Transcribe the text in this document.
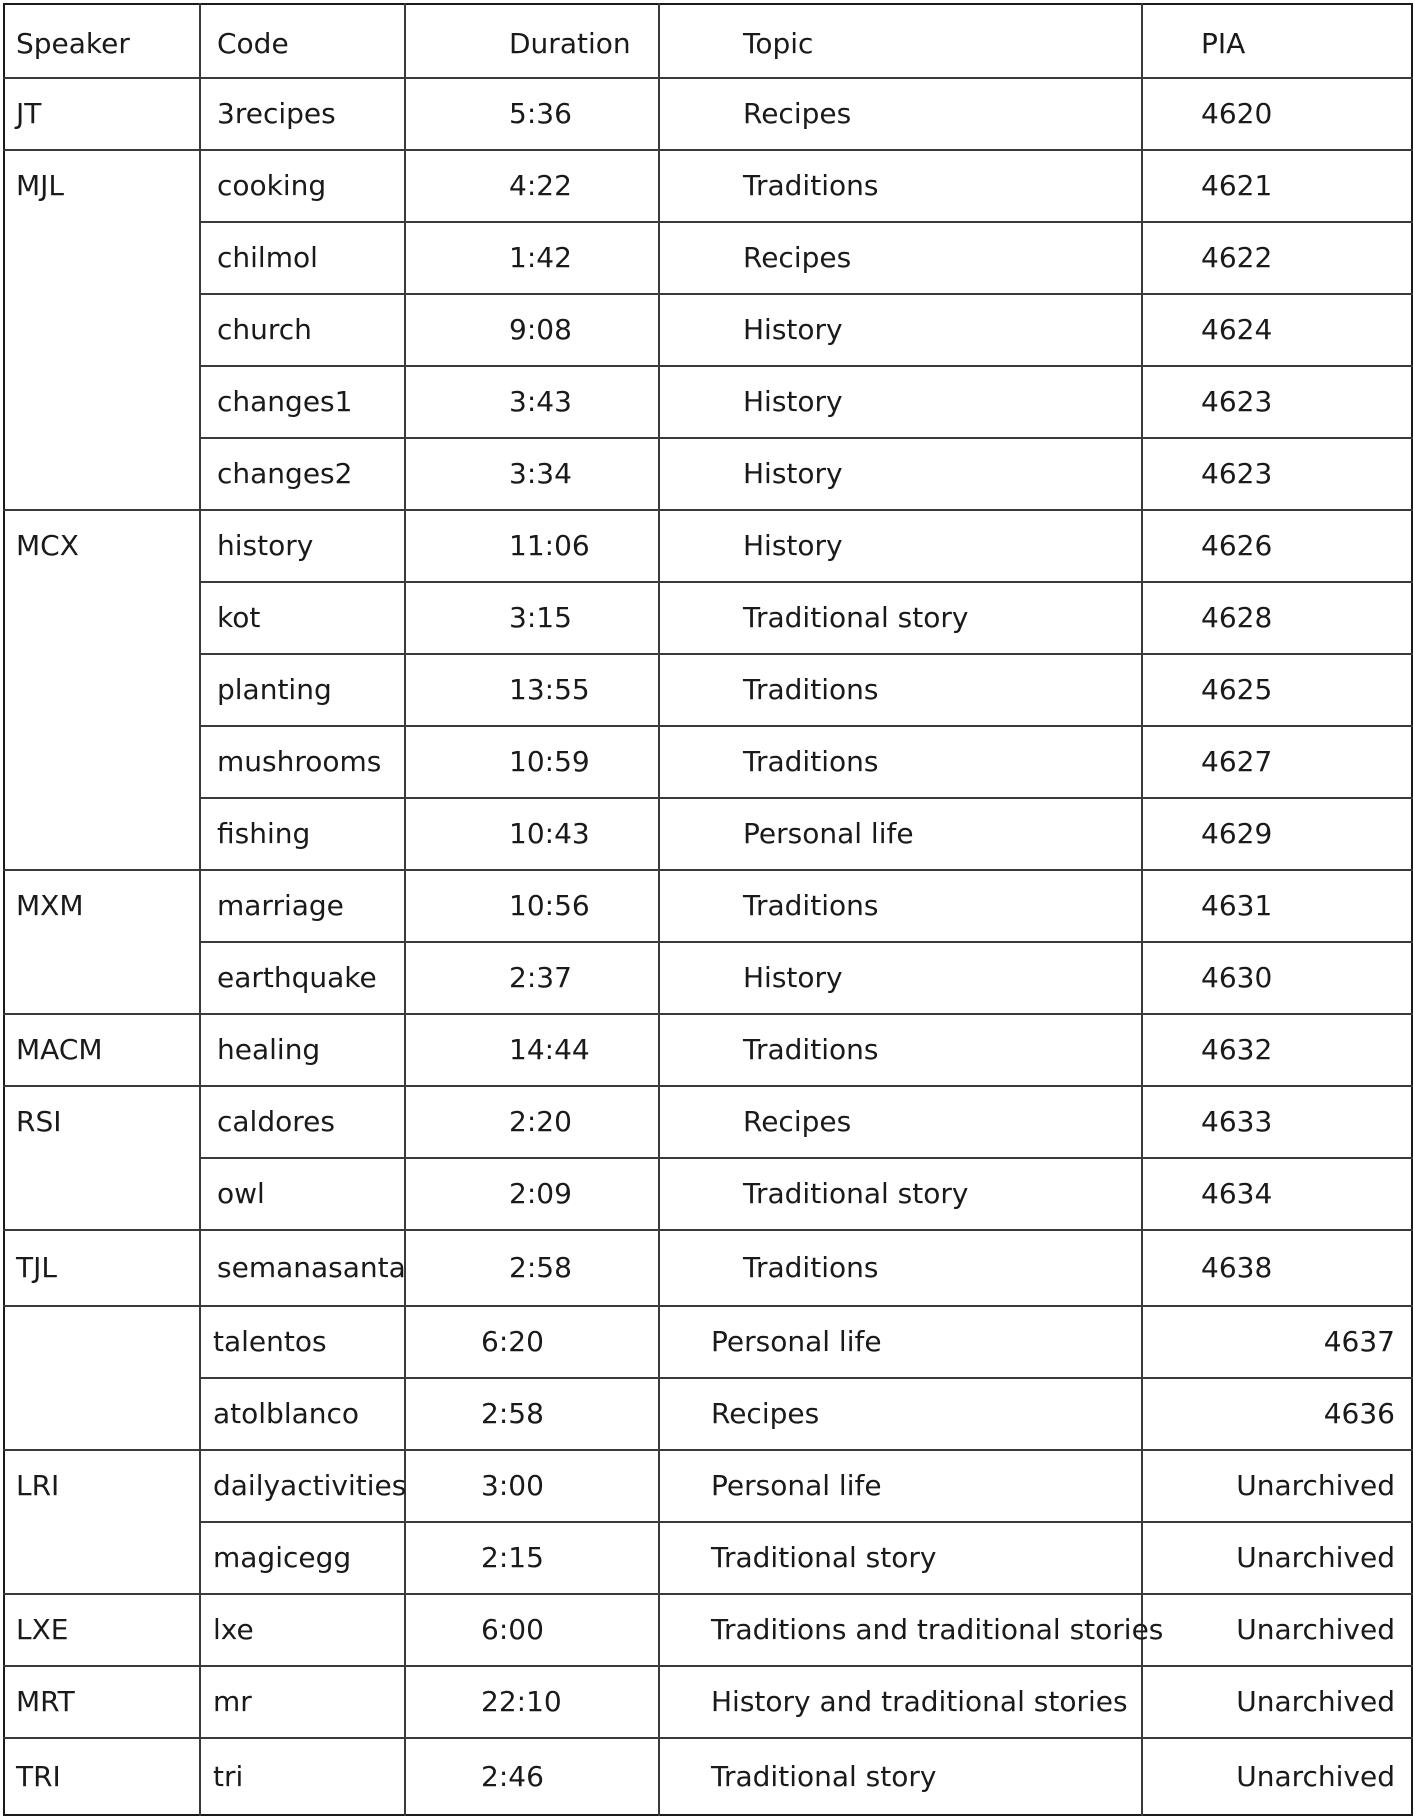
Speaker	Code	Duration	Topic	PIA
JT	3recipes	5:36	Recipes	4620
MJL	cooking	4:22	Traditions	4621
chilmol	1:42	Recipes	4622
church	9:08	History	4624
changes1	3:43	History	4623
changes2	3:34	History	4623
MCX	history	11:06	History	4626
kot	3:15	Traditional story	4628
planting	13:55	Traditions	4625
mushrooms	10:59	Traditions	4627
fishing	10:43	Personal life	4629
MXM	marriage	10:56	Traditions	4631
earthquake	2:37	History	4630
MACM	healing	14:44	Traditions	4632
RSI	caldores	2:20	Recipes	4633
owl	2:09	Traditional story	4634
TJL	semanasanta	2:58	Traditions	4638
talentos	6:20	Personal life	4637
atolblanco	2:58	Recipes	4636
LRI	dailyactivities	3:00	Personal life	Unarchived
magicegg	2:15	Traditional story	Unarchived
LXE	lxe	6:00	Traditions and traditional stories	Unarchived
MRT	mr	22:10	History and traditional stories	Unarchived
TRI	tri	2:46	Traditional story	Unarchived
